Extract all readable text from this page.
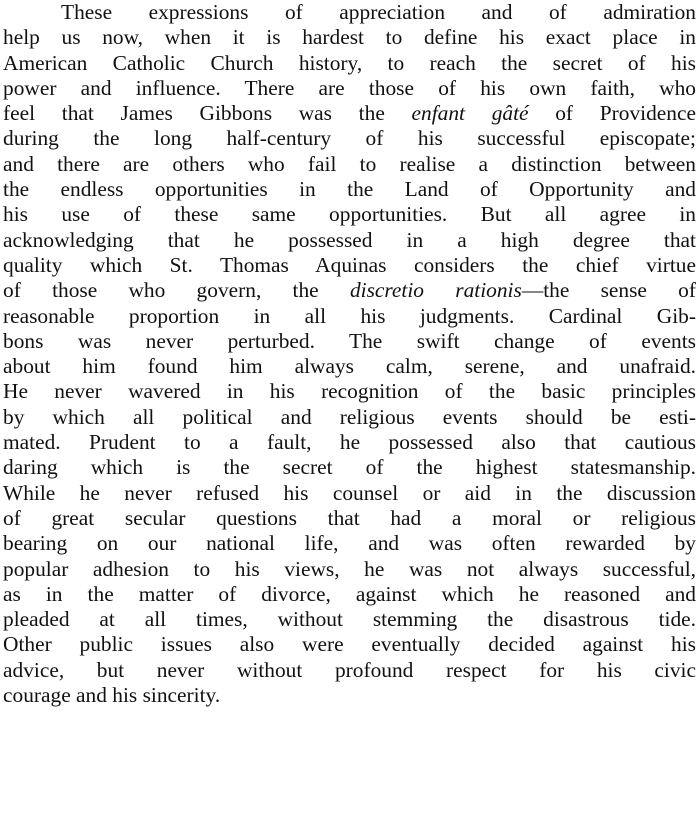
These expressions of appreciation and of admiration
help us now, when it is hardest to define his exact place in
American Catholic Church history, to reach the secret of his
power and influence. There are those of his own faith, who
feel that James Gibbons was the enfant gâté of Providence
during the long half-century of his successful episcopate;
and there are others who fail to realise a distinction between
the endless opportunities in the Land of Opportunity and
his use of these same opportunities. But all agree in
acknowledging that he possessed in a high degree that
quality which St. Thomas Aquinas considers the chief virtue
of those who govern, the discretio rationis—the sense of
reasonable proportion in all his judgments. Cardinal Gib-
bons was never perturbed. The swift change of events
about him found him always calm, serene, and unafraid.
He never wavered in his recognition of the basic principles
by which all political and religious events should be esti-
mated. Prudent to a fault, he possessed also that cautious
daring which is the secret of the highest statesmanship.
While he never refused his counsel or aid in the discussion
of great secular questions that had a moral or religious
bearing on our national life, and was often rewarded by
popular adhesion to his views, he was not always successful,
as in the matter of divorce, against which he reasoned and
pleaded at all times, without stemming the disastrous tide.
Other public issues also were eventually decided against his
advice, but never without profound respect for his civic
courage and his sincerity.
